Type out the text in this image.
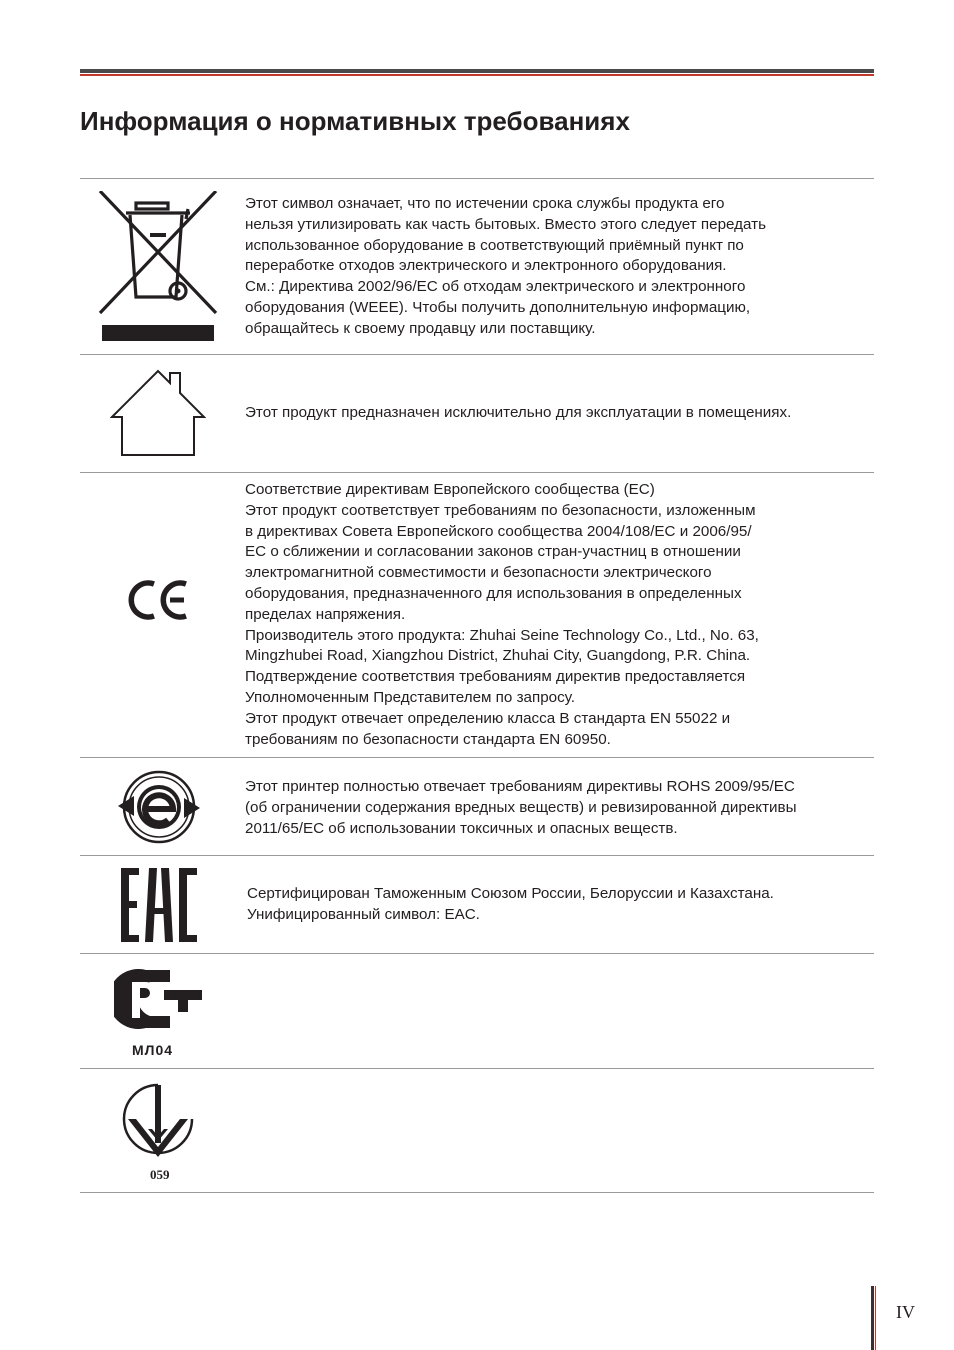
Информация о нормативных требованиях
Этот символ означает, что по истечении срока службы продукта его
нельзя утилизировать как часть бытовых. Вместо этого следует передать
использованное оборудование в соответствующий приёмный пункт по
переработке отходов электрического и электронного оборудования.
См.: Директива 2002/96/EC об отходам электрического и электронного
оборудования (WEEE). Чтобы получить дополнительную информацию,
обращайтесь к своему продавцу или поставщику.
Этот продукт предназначен исключительно для эксплуатации в помещениях.
Соответствие директивам Европейского сообщества (ЕС)
Этот продукт соответствует требованиям по безопасности, изложенным
в директивах Совета Европейского сообщества 2004/108/EC и 2006/95/
EC о сближении и согласовании законов стран-участниц в отношении
электромагнитной совместимости и безопасности электрического
оборудования, предназначенного для использования в определенных
пределах напряжения.
Производитель этого продукта: Zhuhai Seine Technology Co., Ltd., No. 63,
Mingzhubei Road, Xiangzhou District, Zhuhai City, Guangdong, P.R. China.
Подтверждение соответствия требованиям директив предоставляется
Уполномоченным Представителем по запросу.
Этот продукт отвечает определению класса B стандарта EN 55022 и
требованиям по безопасности стандарта EN 60950.
Этот принтер полностью отвечает требованиям директивы ROHS 2009/95/EC
(об ограничении содержания вредных веществ) и ревизированной директивы
2011/65/EC об использовании токсичных и опасных веществ.
Сертифицирован Таможенным Союзом России, Белоруссии и Казахстана.
Унифицированный символ: EAC.
МЛ04
059
IV
